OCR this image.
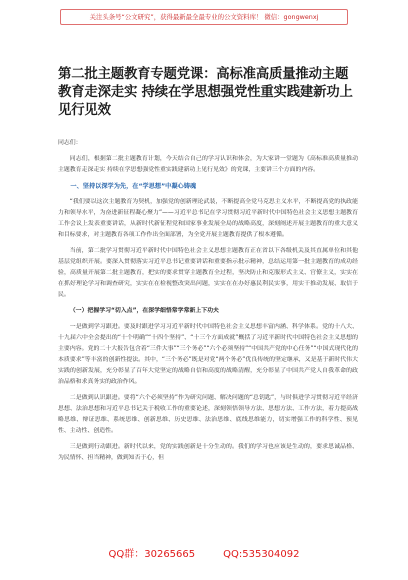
关注头条号“公文研究”，获得最新最全最专业的公文资料库！ 微信：gongwenxj
第二批主题教育专题党课：高标准高质量推动主题教育走深走实 持续在学思想强党性重实践建新功上见行见效

同志们：

同志们，根据第二批主题教育计划，今天结合自己的学习认识和体会，为大家讲一堂题为《高标准高质量推动主题教育走深走实 持续在学思想强党性重实践建新功上见行见效》的党课，主要讲三个方面的内容。

一、坚持以深学为先，在“学思想”中凝心铸魂

“我们要以这次主题教育为契机，加强党的创新理论武装，不断提高全党马克思主义水平，不断提高党的执政能力和领导水平，为奋进新征程凝心聚力”——习近平总书记在学习贯彻习近平新时代中国特色社会主义思想主题教育工作会议上发表重要讲话，从新时代新征程党和国家事业发展全局的战略高度，深刻阐述开展主题教育的重大意义和目标要求，对主题教育各项工作作出全面部署，为全党开展主题教育提供了根本遵循。

当前，第二批学习贯彻习近平新时代中国特色社会主义思想主题教育正在省以下各级机关及其直属单位和其他基层党组织开展。要深入贯彻落实习近平总书记重要讲话和重要指示批示精神，总结运用第一批主题教育的成功经验，高质量开展第二批主题教育，把实的要求贯穿主题教育全过程，坚决防止和克服形式主义、官僚主义，实实在在抓好理论学习和调查研究，实实在在检视整改突出问题，实实在在办好惠民利民实事，用实干推动发展、取信于民。

（一）把握学习“切入点”，在深学细悟常学常新上下功夫

一是做到学习跟进。要及时跟进学习习近平新时代中国特色社会主义思想丰富内涵、科学体系。党的十八大、十九届六中全会提出的“十个明确”“十四个坚持”、“十三个方面成就”概括了习近平新时代中国特色社会主义思想的主要内容。党的二十大报告包含着“三件大事”“三个务必”“六个必须坚持”“中国共产党的中心任务”“中国式现代化的本质要求”等丰富的创新性提法。其中，“三个务必”既是对党“两个务必”优良传统的坚定继承，又是基于新时代伟大实践的创新发展，充分彰显了百年大党坚定的战略自信和高度的战略清醒，充分彰显了中国共产党人自我革命的政治品格和求真务实的政治作风。

二是做到认识跟进。要将“六个必须坚持”作为研究问题、解决问题的“总钥匙”，与时俱进学习贯彻习近平经济思想、法治思想和习近平总书记关于税收工作的重要论述，深刻领悟领导方法、思想方法、工作方法，着力提高战略思维、辩证思维、系统思维、创新思维、历史思维、法治思维、底线思维能力，切实增强工作的科学性、预见性、主动性、创造性。

三是做到行动跟进。新时代以来，党的实践创新是十分生动的。我们的学习也应该是生动的，要求思诚品格、为民情怀、担当精神，做到知否于心，但

QQ群：30265665	QQ:535304092
